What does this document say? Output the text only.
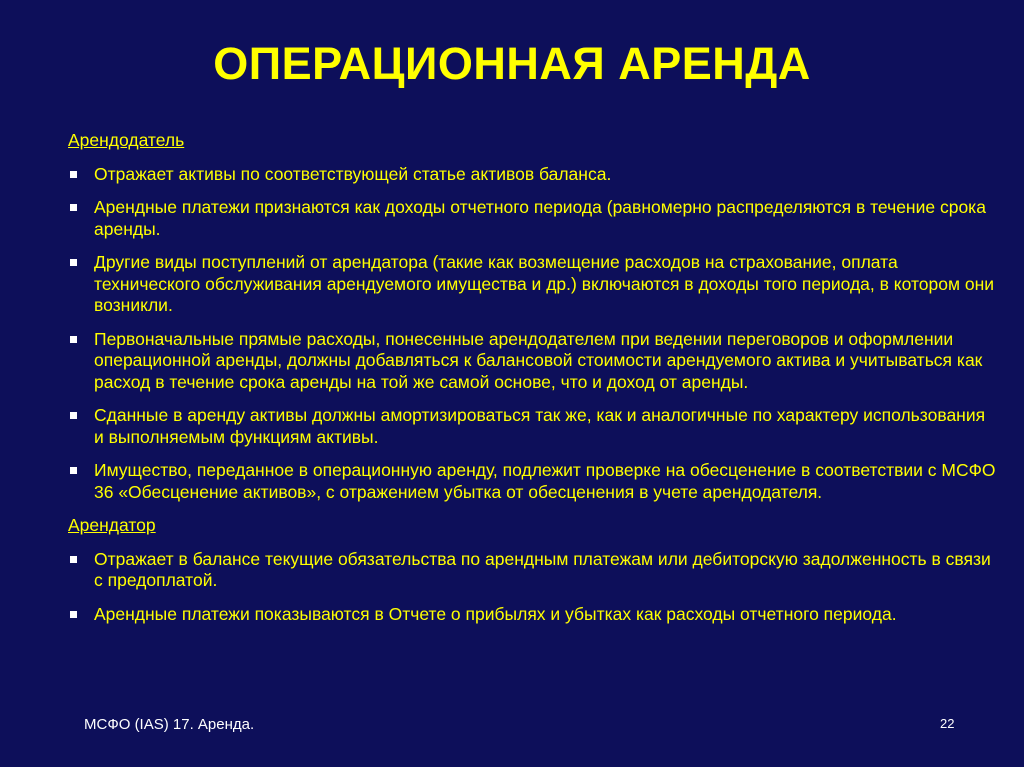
ОПЕРАЦИОННАЯ АРЕНДА
Арендодатель
Отражает активы по соответствующей статье активов баланса.
Арендные платежи признаются как доходы отчетного периода (равномерно распределяются в течение срока аренды.
Другие виды поступлений от арендатора (такие как возмещение расходов на страхование, оплата технического обслуживания арендуемого имущества и др.) включаются в доходы того периода, в котором они возникли.
Первоначальные прямые расходы, понесенные арендодателем при ведении переговоров и оформлении операционной аренды, должны добавляться к балансовой стоимости арендуемого актива и учитываться как расход в течение срока аренды на той же самой основе, что и доход от аренды.
Сданные в аренду активы должны амортизироваться так же, как и аналогичные по характеру использования и выполняемым функциям активы.
Имущество, переданное в операционную аренду, подлежит проверке на обесценение в соответствии с МСФО 36 «Обесценение активов», с отражением убытка от обесценения в учете арендодателя.
Арендатор
Отражает в балансе текущие обязательства по арендным платежам или дебиторскую задолженность в связи с предоплатой.
Арендные платежи показываются в Отчете о прибылях и убытках как расходы отчетного периода.
МСФО (IAS) 17. Аренда.	22
